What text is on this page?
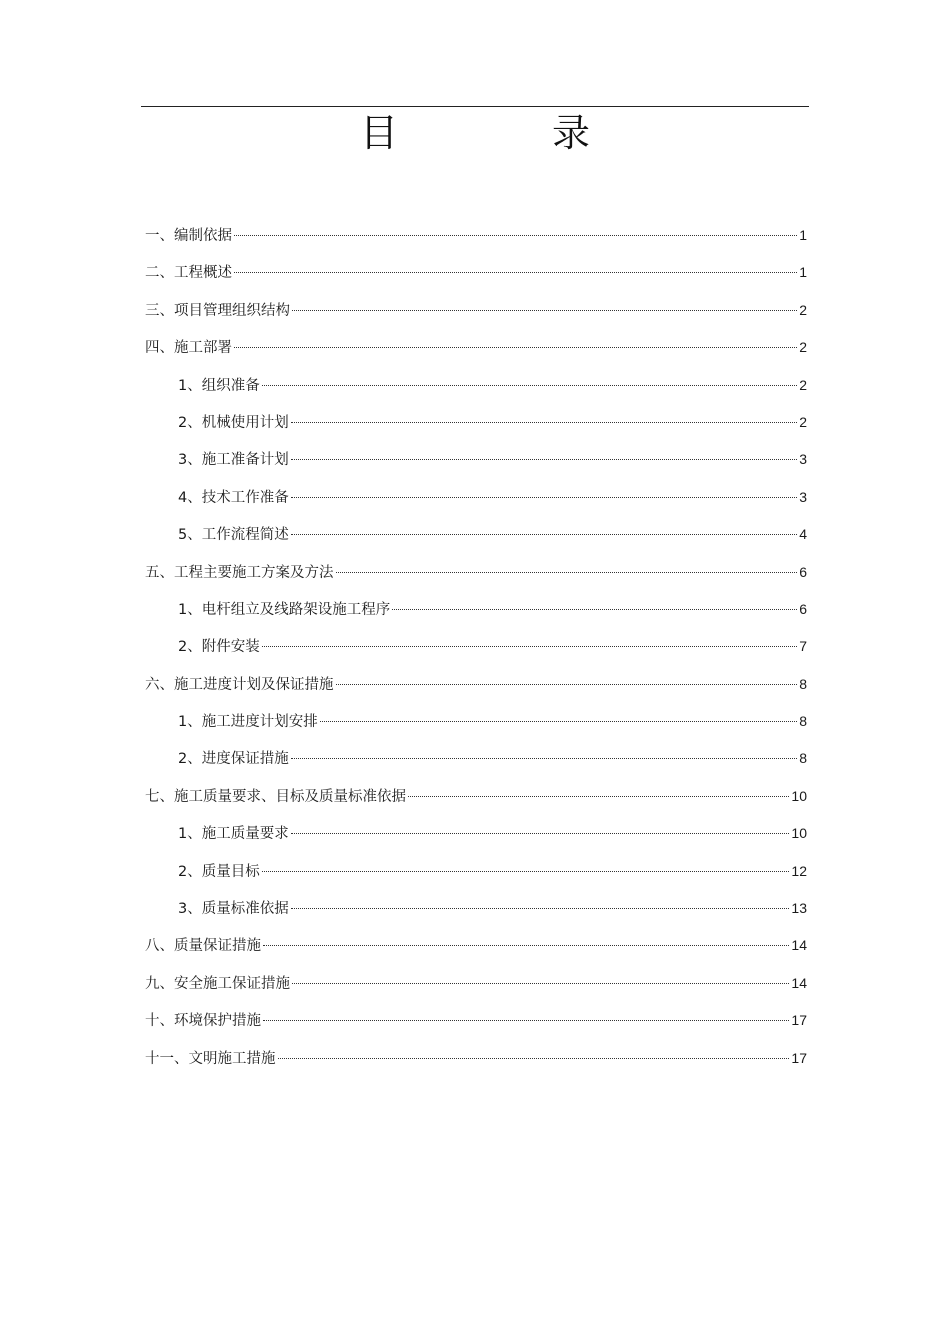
目　录
一、编制依据	1
二、工程概述	1
三、项目管理组织结构	2
四、施工部署	2
1、组织准备	2
2、机械使用计划	2
3、施工准备计划	3
4、技术工作准备	3
5、工作流程简述	4
五、工程主要施工方案及方法	6
1、电杆组立及线路架设施工程序	6
2、附件安装	7
六、施工进度计划及保证措施	8
1、施工进度计划安排	8
2、进度保证措施	8
七、施工质量要求、目标及质量标准依据	10
1、施工质量要求	10
2、质量目标	12
3、质量标准依据	13
八、质量保证措施	14
九、安全施工保证措施	14
十、环境保护措施	17
十一、文明施工措施	17
